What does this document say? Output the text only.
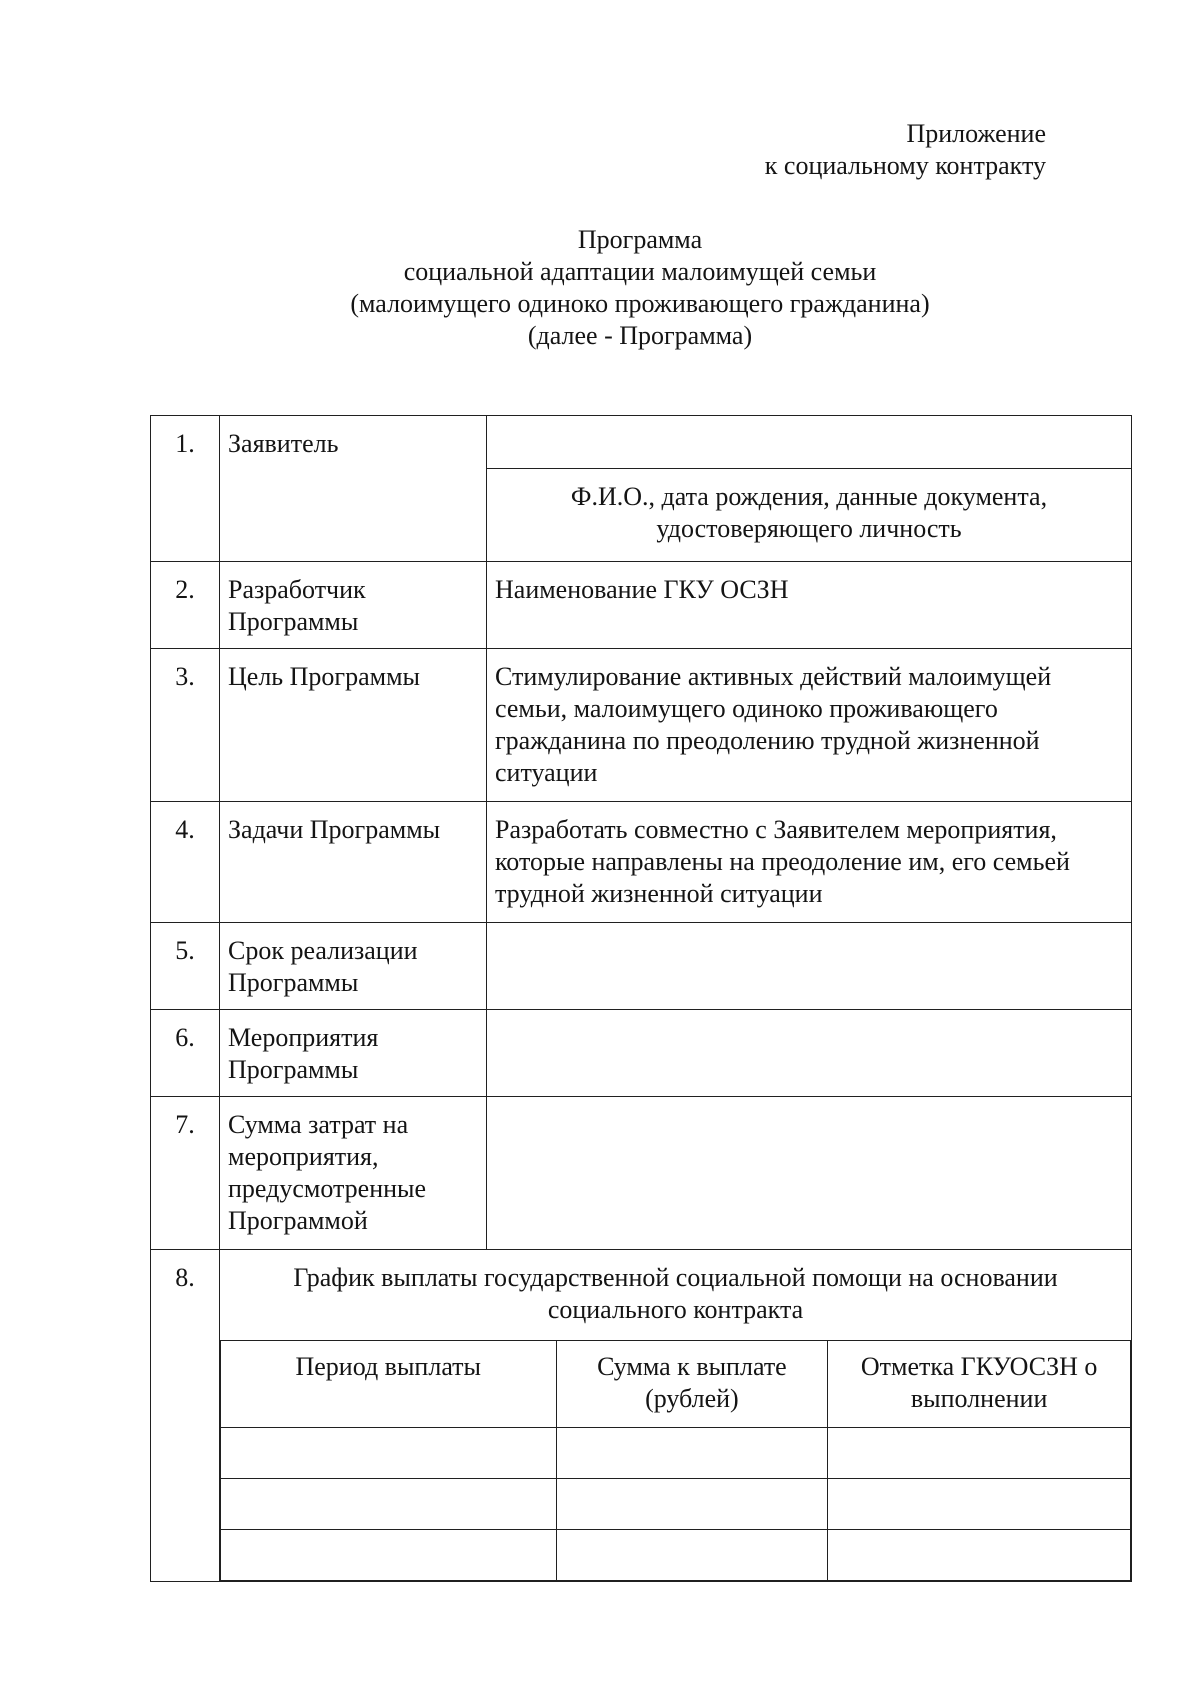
Приложение
к социальному контракту
Программа
социальной адаптации малоимущей семьи
(малоимущего одиноко проживающего гражданина)
(далее - Программа)
1.	Заявитель	
Ф.И.О., дата рождения, данные документа, удостоверяющего личность

2.	Разработчик Программы	Наименование ГКУ ОСЗН
3.	Цель Программы	Стимулирование активных действий малоимущей семьи, малоимущего одиноко проживающего гражданина по преодолению трудной жизненной ситуации
4.	Задачи Программы	Разработать совместно с Заявителем мероприятия, которые направлены на преодоление им, его семьей трудной жизненной ситуации
5.	Срок реализации Программы	
6.	Мероприятия Программы	
7.	Сумма затрат на мероприятия, предусмотренные Программой	
8.	График выплаты государственной социальной помощи на основании социального контракта
Период выплаты	Сумма к выплате (рублей)	Отметка ГКУОСЗН о выполнении
